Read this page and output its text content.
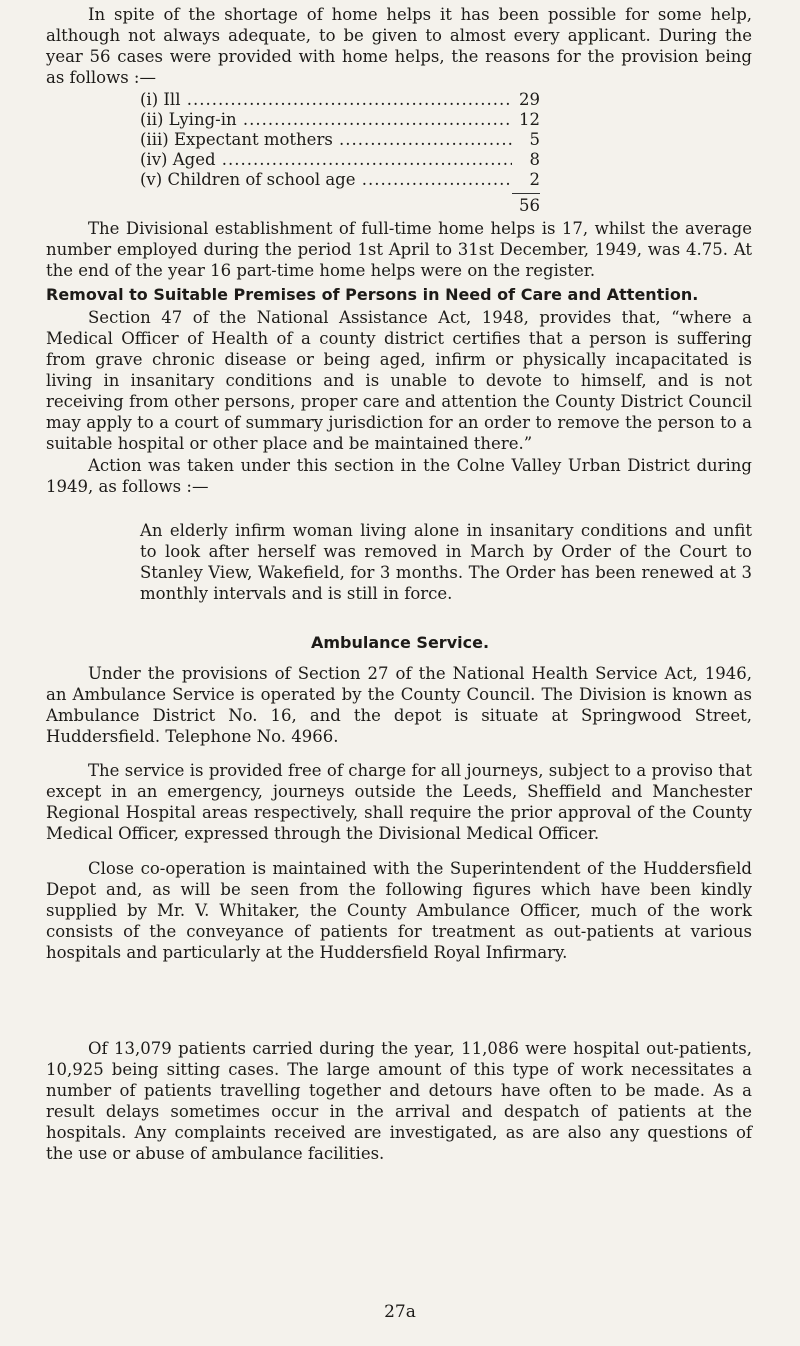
In spite of the shortage of home helps it has been possible for some help, although not always adequate, to be given to almost every applicant. During the year 56 cases were provided with home helps, the reasons for the provision being as follows :—

(i) Ill .....	29
(ii) Lying-in .....	12
(iii) Expectant mothers .....	5
(iv) Aged .....	8
(v) Children of school age .....	2
56

The Divisional establishment of full-time home helps is 17, whilst the average number employed during the period 1st April to 31st December, 1949, was 4.75. At the end of the year 16 part-time home helps were on the register.

Removal to Suitable Premises of Persons in Need of Care and Attention.

Section 47 of the National Assistance Act, 1948, provides that, “where a Medical Officer of Health of a county district certifies that a person is suffering from grave chronic disease or being aged, infirm or physically incapacitated is living in insanitary conditions and is unable to devote to himself, and is not receiving from other persons, proper care and attention the County District Council may apply to a court of summary jurisdiction for an order to remove the person to a suitable hospital or other place and be maintained there.”

Action was taken under this section in the Colne Valley Urban District during 1949, as follows :—

An elderly infirm woman living alone in insanitary conditions and unfit to look after herself was removed in March by Order of the Court to Stanley View, Wakefield, for 3 months. The Order has been renewed at 3 monthly intervals and is still in force.

Ambulance Service.

Under the provisions of Section 27 of the National Health Service Act, 1946, an Ambulance Service is operated by the County Council. The Division is known as Ambulance District No. 16, and the depot is situate at Springwood Street, Huddersfield. Telephone No. 4966.

The service is provided free of charge for all journeys, subject to a proviso that except in an emergency, journeys outside the Leeds, Sheffield and Manchester Regional Hospital areas respectively, shall require the prior approval of the County Medical Officer, expressed through the Divisional Medical Officer.

Close co-operation is maintained with the Superintendent of the Huddersfield Depot and, as will be seen from the following figures which have been kindly supplied by Mr. V. Whitaker, the County Ambulance Officer, much of the work consists of the conveyance of patients for treatment as out-patients at various hospitals and particularly at the Huddersfield Royal Infirmary.

Of 13,079 patients carried during the year, 11,086 were hospital out-patients, 10,925 being sitting cases. The large amount of this type of work necessitates a number of patients travelling together and detours have often to be made. As a result delays sometimes occur in the arrival and despatch of patients at the hospitals. Any complaints received are investigated, as are also any questions of the use or abuse of ambulance facilities.

27a
